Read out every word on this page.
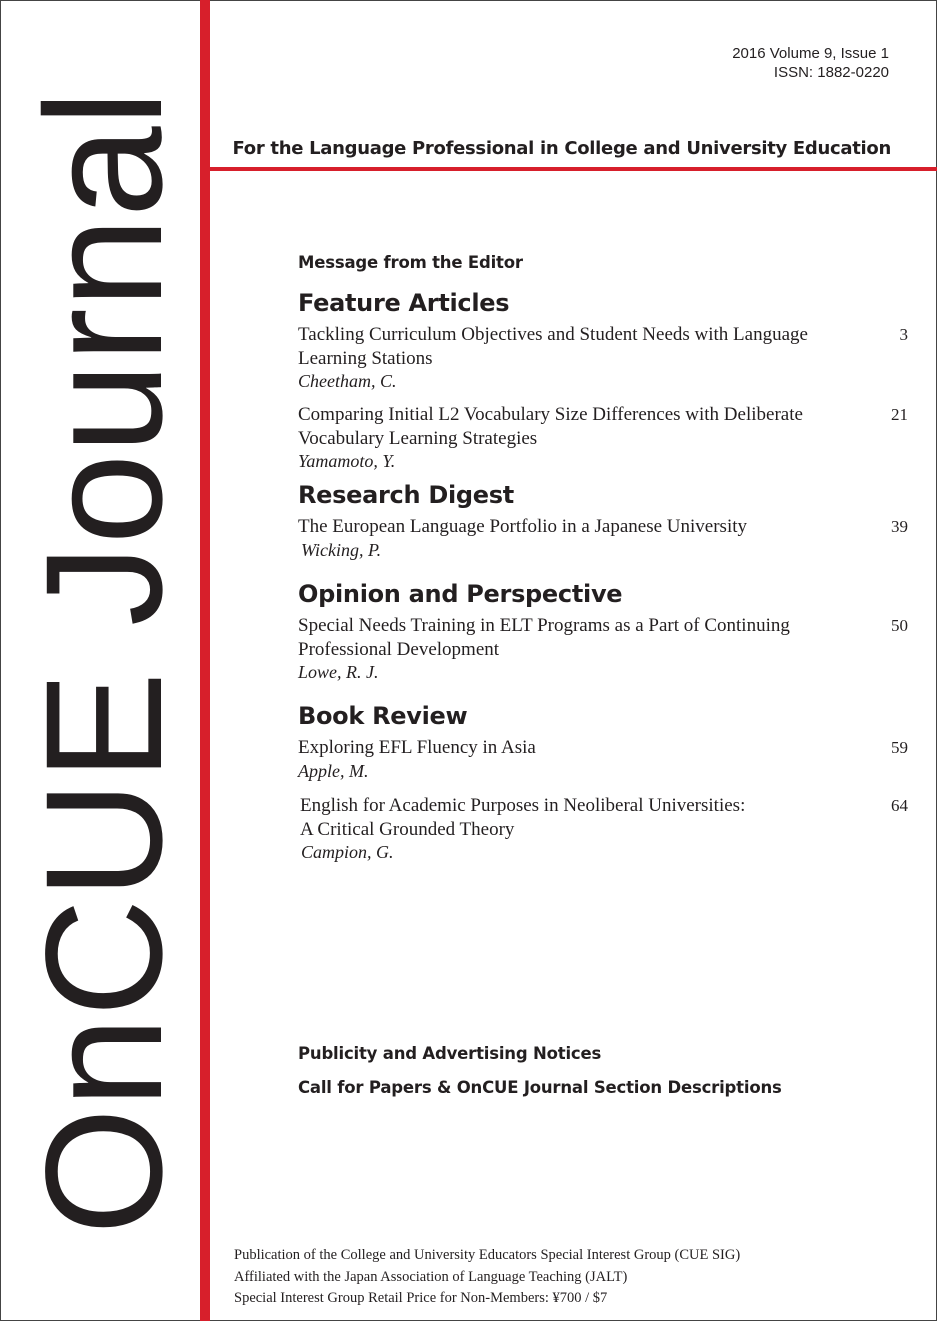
OnCUE Journal
2016 Volume 9, Issue 1
ISSN: 1882-0220
For the Language Professional in College and University Education
Message from the Editor
Feature Articles
Tackling Curriculum Objectives and Student Needs with Language
Learning Stations
Cheetham, C.
3
Comparing Initial L2 Vocabulary Size Differences with Deliberate
Vocabulary Learning Strategies
Yamamoto, Y.
21
Research Digest
The European Language Portfolio in a Japanese University
Wicking, P.
39
Opinion and Perspective
Special Needs Training in ELT Programs as a Part of Continuing
Professional Development
Lowe, R. J.
50
Book Review
Exploring EFL Fluency in Asia
Apple, M.
59
English for Academic Purposes in Neoliberal Universities:
A Critical Grounded Theory
Campion, G.
64
Publicity and Advertising Notices
Call for Papers & OnCUE Journal Section Descriptions
Publication of the College and University Educators Special Interest Group (CUE SIG)
Affiliated with the Japan Association of Language Teaching (JALT)
Special Interest Group Retail Price for Non-Members: ¥700 / $7
